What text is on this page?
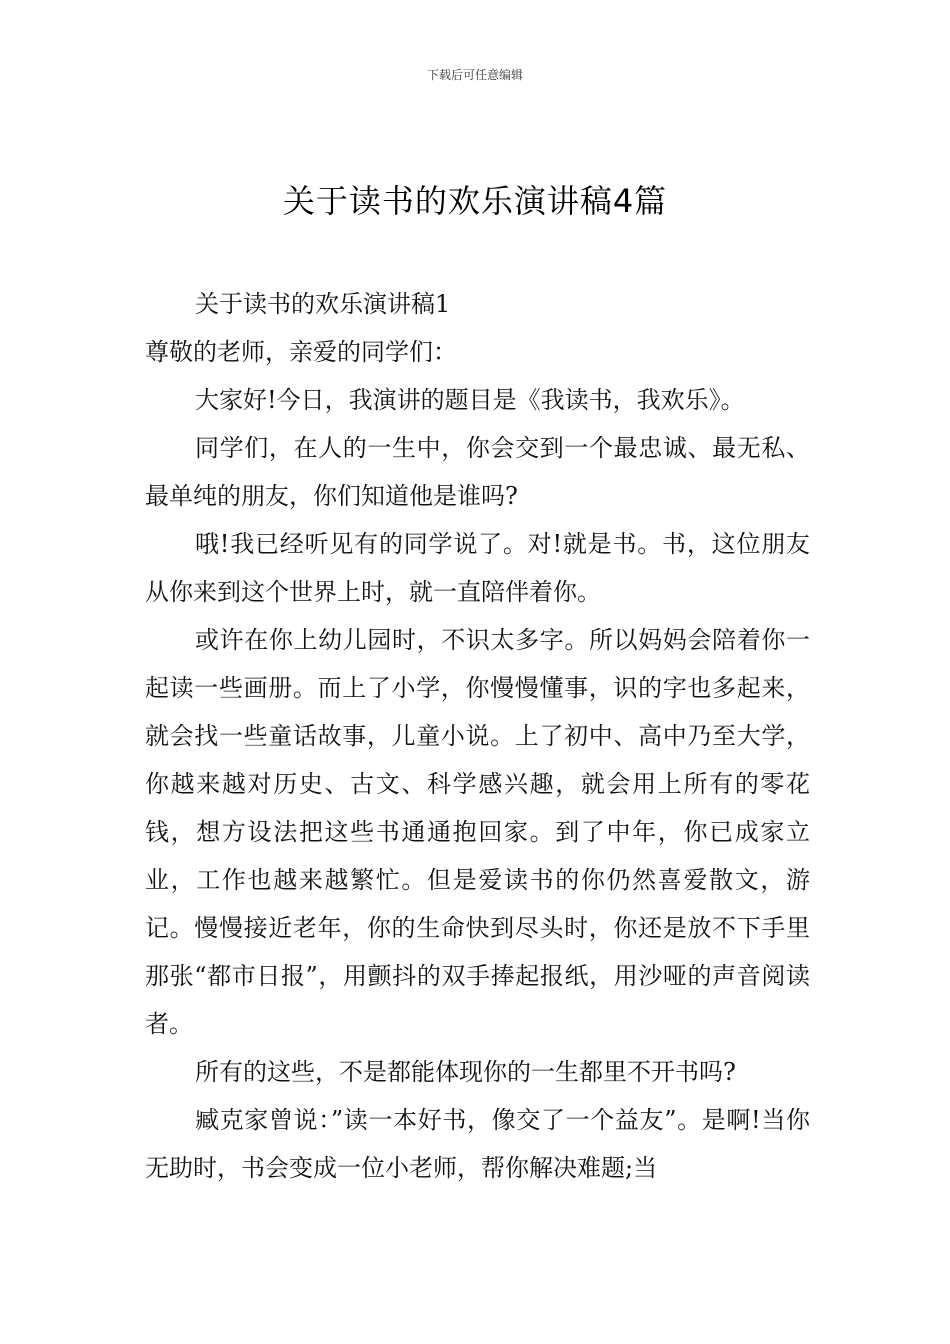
下载后可任意编辑
关于读书的欢乐演讲稿4篇

关于读书的欢乐演讲稿1

尊敬的老师，亲爱的同学们：

大家好!今日，我演讲的题目是《我读书，我欢乐》。

同学们，在人的一生中，你会交到一个最忠诚、最无私、最单纯的朋友，你们知道他是谁吗?

哦!我已经听见有的同学说了。对!就是书。书，这位朋友从你来到这个世界上时，就一直陪伴着你。

或许在你上幼儿园时，不识太多字。所以妈妈会陪着你一起读一些画册。而上了小学，你慢慢懂事，识的字也多起来，就会找一些童话故事，儿童小说。上了初中、高中乃至大学，你越来越对历史、古文、科学感兴趣，就会用上所有的零花钱，想方设法把这些书通通抱回家。到了中年，你已成家立业，工作也越来越繁忙。但是爱读书的你仍然喜爱散文，游记。慢慢接近老年，你的生命快到尽头时，你还是放不下手里那张“都市日报”，用颤抖的双手捧起报纸，用沙哑的声音阅读者。

所有的这些，不是都能体现你的一生都里不开书吗?

臧克家曾说：”读一本好书，像交了一个益友”。是啊!当你无助时，书会变成一位小老师，帮你解决难题;当
